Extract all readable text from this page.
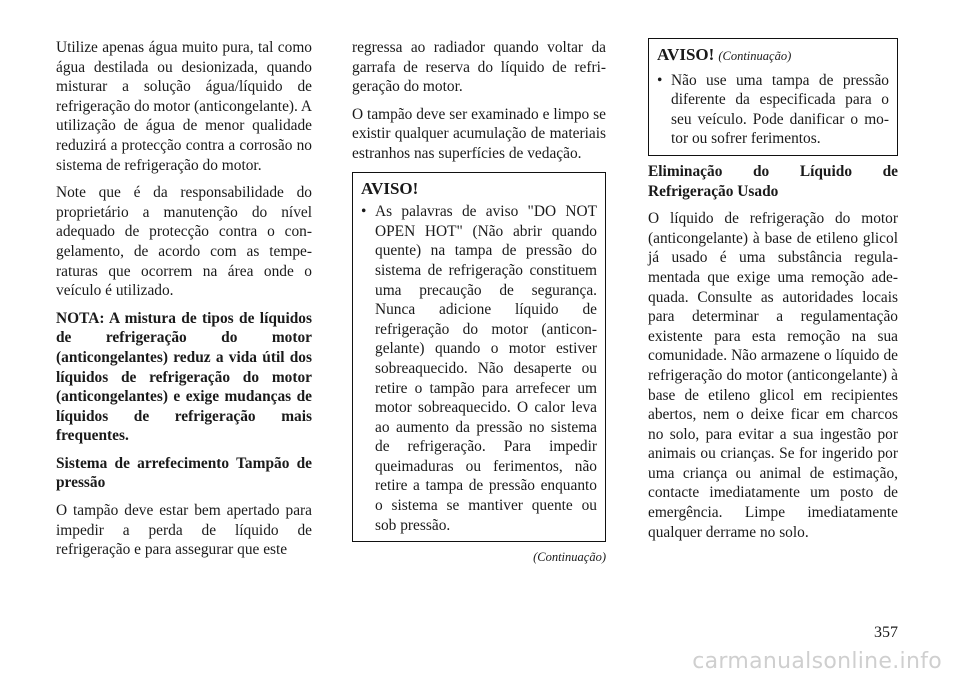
Utilize apenas água muito pura, tal como água destilada ou desionizada, quando misturar a solução água/líquido de refrigeração do motor (anticongelante). A utilização de água de menor qualidade reduzirá a protecção contra a corrosão no sistema de refrigeração do motor.

Note que é da responsabilidade do proprietário a manutenção do nível adequado de protecção contra o congelamento, de acordo com as temperaturas que ocorrem na área onde o veículo é utilizado.

NOTA: A mistura de tipos de líquidos de refrigeração do motor (anticongelantes) reduz a vida útil dos líquidos de refrigeração do motor (anticongelantes) e exige mudanças de líquidos de refrigeração mais frequentes.

Sistema de arrefecimento Tampão de pressão

O tampão deve estar bem apertado para impedir a perda de líquido de refrigeração e para assegurar que este

regressa ao radiador quando voltar da garrafa de reserva do líquido de refrigeração do motor.

O tampão deve ser examinado e limpo se existir qualquer acumulação de materiais estranhos nas superfícies de vedação.

AVISO!
• As palavras de aviso "DO NOT OPEN HOT" (Não abrir quando quente) na tampa de pressão do sistema de refrigeração constituem uma precaução de segurança. Nunca adicione líquido de refrigeração do motor (anticongelante) quando o motor estiver sobreaquecido. Não desaperte ou retire o tampão para arrefecer um motor sobreaquecido. O calor leva ao aumento da pressão no sistema de refrigeração. Para impedir queimaduras ou ferimentos, não retire a tampa de pressão enquanto o sistema se mantiver quente ou sob pressão.
(Continuação)
AVISO! (Continuação)
• Não use uma tampa de pressão diferente da especificada para o seu veículo. Pode danificar o motor ou sofrer ferimentos.

Eliminação do Líquido de Refrigeração Usado

O líquido de refrigeração do motor (anticongelante) à base de etileno glicol já usado é uma substância regulamentada que exige uma remoção adequada. Consulte as autoridades locais para determinar a regulamentação existente para esta remoção na sua comunidade. Não armazene o líquido de refrigeração do motor (anticongelante) à base de etileno glicol em recipientes abertos, nem o deixe ficar em charcos no solo, para evitar a sua ingestão por animais ou crianças. Se for ingerido por uma criança ou animal de estimação, contacte imediatamente um posto de emergência. Limpe imediatamente qualquer derrame no solo.

357
carmanualsonline.info
